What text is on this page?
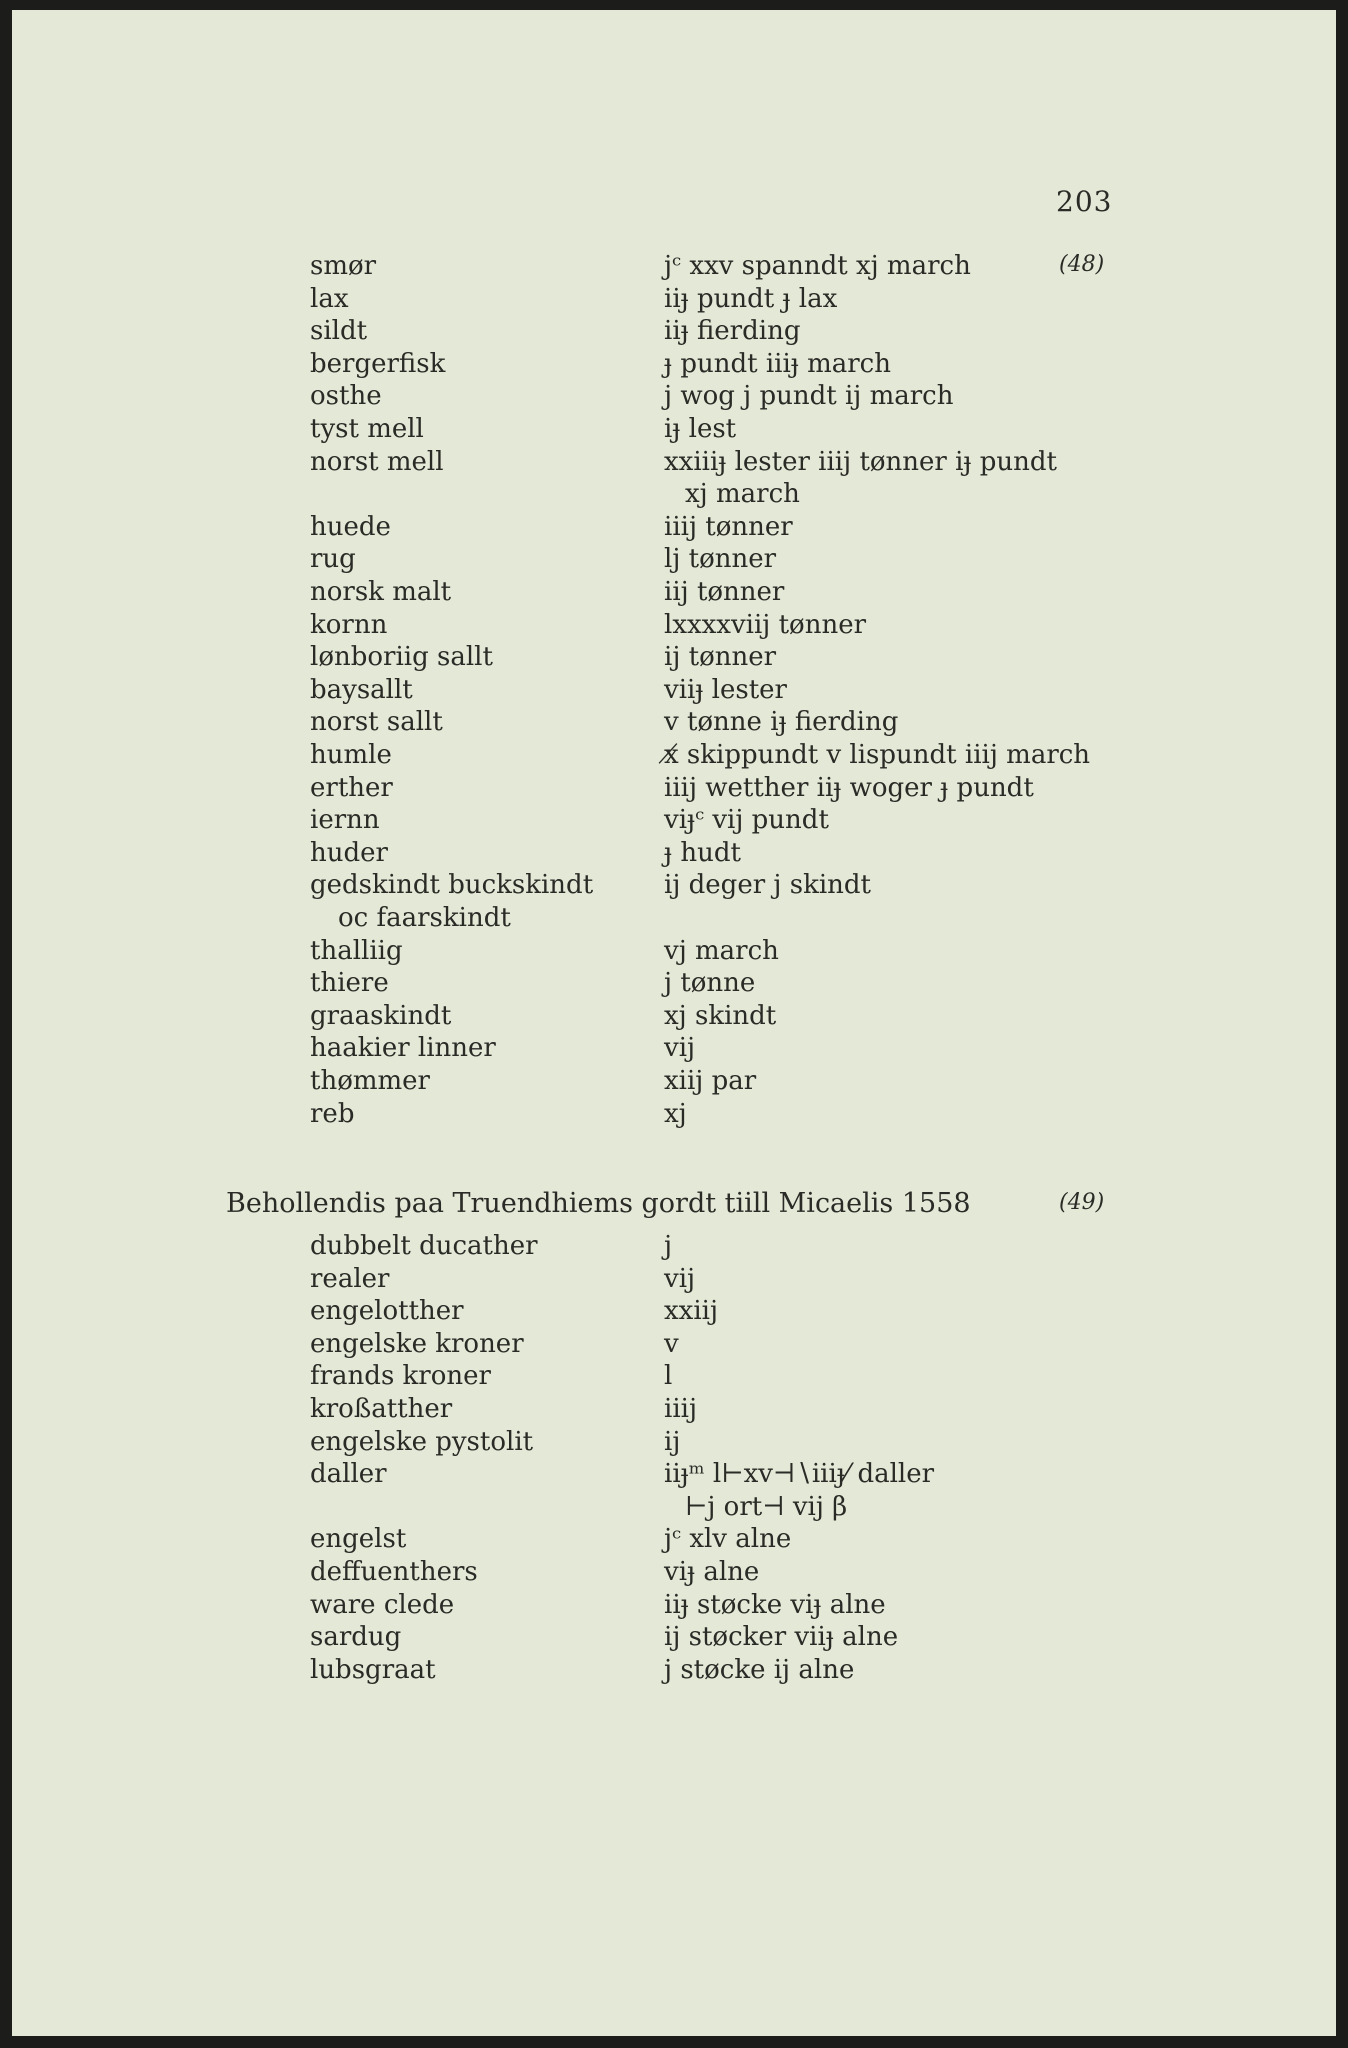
203
(48)
smør	jᶜ xxv spanndt xj march
lax	iiȷ̵ pundt ȷ̵ lax
sildt	iiȷ̵ fierding
bergerfisk	ȷ̵ pundt iiiȷ̵ march
osthe	j wog j pundt ij march
tyst mell	iȷ̵ lest
norst mell	xxiiiȷ̵ lester iiij tønner iȷ̵ pundt
xj march
huede	iiij tønner
rug	lj tønner
norsk malt	iij tønner
kornn	lxxxxviij tønner
lønboriig sallt	ij tønner
baysallt	viiȷ̵ lester
norst sallt	v tønne iȷ̵ fierding
humle	x̸ skippundt v lispundt iiij march
erther	iiij wetther iiȷ̵ woger ȷ̵ pundt
iernn	viȷ̵ᶜ vij pundt
huder	ȷ̵ hudt
gedskindt buckskindt	ij deger j skindt
oc faarskindt
thalliig	vj march
thiere	j tønne
graaskindt	xj skindt
haakier linner	vij
thømmer	xiij par
reb	xj
Behollendis paa Truendhiems gordt tiill Micaelis 1558	(49)
dubbelt ducather	j
realer	vij
engelotther	xxiij
engelske kroner	v
frands kroner	l
kroßatther	iiij
engelske pystolit	ij
daller	iiȷ̵ᵐ l⊢xv⊣∖iiiȷ̵⁄ daller
⊢j ort⊣ vij β
engelst	jᶜ xlv alne
deffuenthers	viȷ̵ alne
ware clede	iiȷ̵ støcke viȷ̵ alne
sardug	ij støcker viiȷ̵ alne
lubsgraat	j støcke ij alne
